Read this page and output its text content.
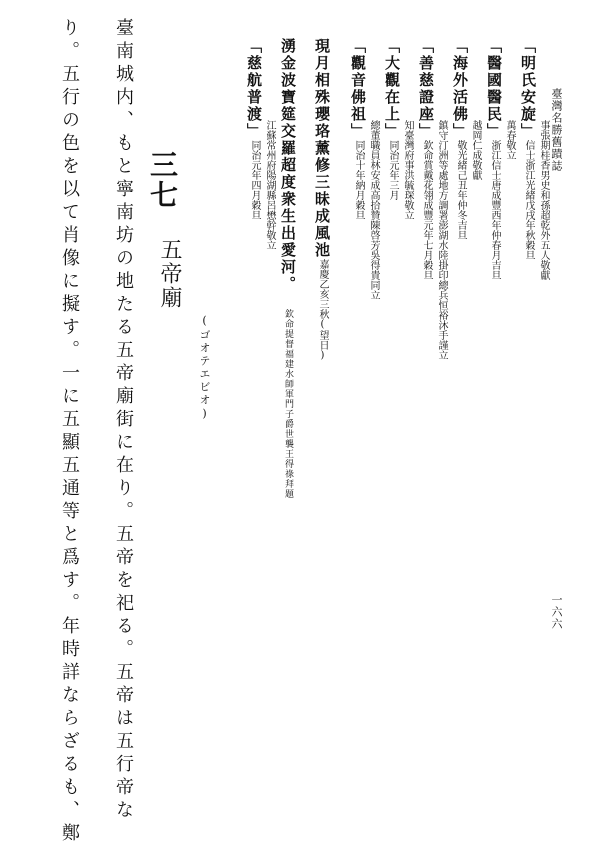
臺灣名勝舊蹟誌
一六六
「明氏安旋」信士浙江光緒戊戌年秋穀旦 事張期桂香男史和孫超乾外五人敬獻
「醫國醫民」浙江信士唐成豐西年仲春月吉旦 萬春敬立
「海外活佛」敬光緒己丑年仲冬吉旦 越岡仁成敬獻
「善慈證座」欽命賞戴花翎成豐元年七月穀旦 鎮守汀洲等處地方調署澎湖水陸掛印總兵恒裕沐手謹立
「大觀在上」同治元年三月 知臺灣府事洪毓琛敬立
「觀音佛祖」同治十年納月穀旦 總董職員林安成高拾贊陳啓芳吳得貴同立
現月相殊瓔珞薰修三昧成風池嘉慶乙亥三秋(望日)
湧金波寶筵交羅超度衆生出愛河。欽命提督福建水師軍門子爵世襲王得祿拜題
「慈航普渡」同治元年四月穀旦 江蘇常州府陽湖縣呂懋幹敬立
三七
五帝廟
(ゴオテエビオ)
臺南城内、もと寧南坊の地たる五帝廟街に在り。五帝を祀る。五帝は五行帝な
り。五行の色を以て肖像に擬す。一に五顯五通等と爲す。年時詳ならざるも、鄭
